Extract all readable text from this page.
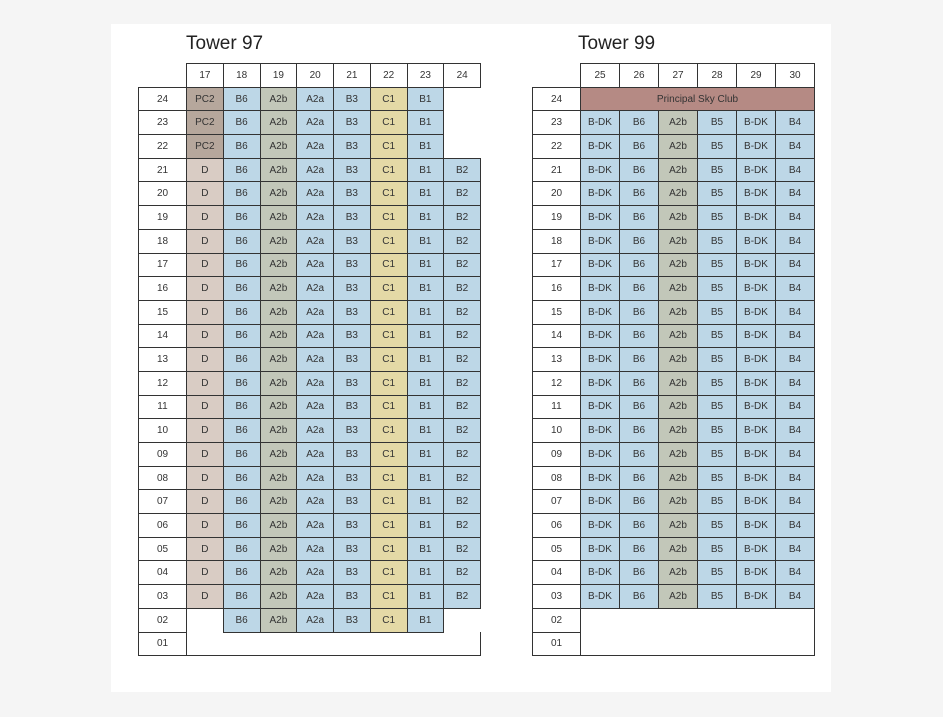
Tower 97	Tower 99
	17	18	19	20	21	22	23	24
24	PC2	B6	A2b	A2a	B3	C1	B1	
23	PC2	B6	A2b	A2a	B3	C1	B1	
22	PC2	B6	A2b	A2a	B3	C1	B1	
21	D	B6	A2b	A2a	B3	C1	B1	B2
20	D	B6	A2b	A2a	B3	C1	B1	B2
19	D	B6	A2b	A2a	B3	C1	B1	B2
18	D	B6	A2b	A2a	B3	C1	B1	B2
17	D	B6	A2b	A2a	B3	C1	B1	B2
16	D	B6	A2b	A2a	B3	C1	B1	B2
15	D	B6	A2b	A2a	B3	C1	B1	B2
14	D	B6	A2b	A2a	B3	C1	B1	B2
13	D	B6	A2b	A2a	B3	C1	B1	B2
12	D	B6	A2b	A2a	B3	C1	B1	B2
11	D	B6	A2b	A2a	B3	C1	B1	B2
10	D	B6	A2b	A2a	B3	C1	B1	B2
09	D	B6	A2b	A2a	B3	C1	B1	B2
08	D	B6	A2b	A2a	B3	C1	B1	B2
07	D	B6	A2b	A2a	B3	C1	B1	B2
06	D	B6	A2b	A2a	B3	C1	B1	B2
05	D	B6	A2b	A2a	B3	C1	B1	B2
04	D	B6	A2b	A2a	B3	C1	B1	B2
03	D	B6	A2b	A2a	B3	C1	B1	B2
02		B6	A2b	A2a	B3	C1	B1	
01								
	25	26	27	28	29	30
24	Principal Sky Club					
23	B-DK	B6	A2b	B5	B-DK	B4
22	B-DK	B6	A2b	B5	B-DK	B4
21	B-DK	B6	A2b	B5	B-DK	B4
20	B-DK	B6	A2b	B5	B-DK	B4
19	B-DK	B6	A2b	B5	B-DK	B4
18	B-DK	B6	A2b	B5	B-DK	B4
17	B-DK	B6	A2b	B5	B-DK	B4
16	B-DK	B6	A2b	B5	B-DK	B4
15	B-DK	B6	A2b	B5	B-DK	B4
14	B-DK	B6	A2b	B5	B-DK	B4
13	B-DK	B6	A2b	B5	B-DK	B4
12	B-DK	B6	A2b	B5	B-DK	B4
11	B-DK	B6	A2b	B5	B-DK	B4
10	B-DK	B6	A2b	B5	B-DK	B4
09	B-DK	B6	A2b	B5	B-DK	B4
08	B-DK	B6	A2b	B5	B-DK	B4
07	B-DK	B6	A2b	B5	B-DK	B4
06	B-DK	B6	A2b	B5	B-DK	B4
05	B-DK	B6	A2b	B5	B-DK	B4
04	B-DK	B6	A2b	B5	B-DK	B4
03	B-DK	B6	A2b	B5	B-DK	B4
02						
01						
